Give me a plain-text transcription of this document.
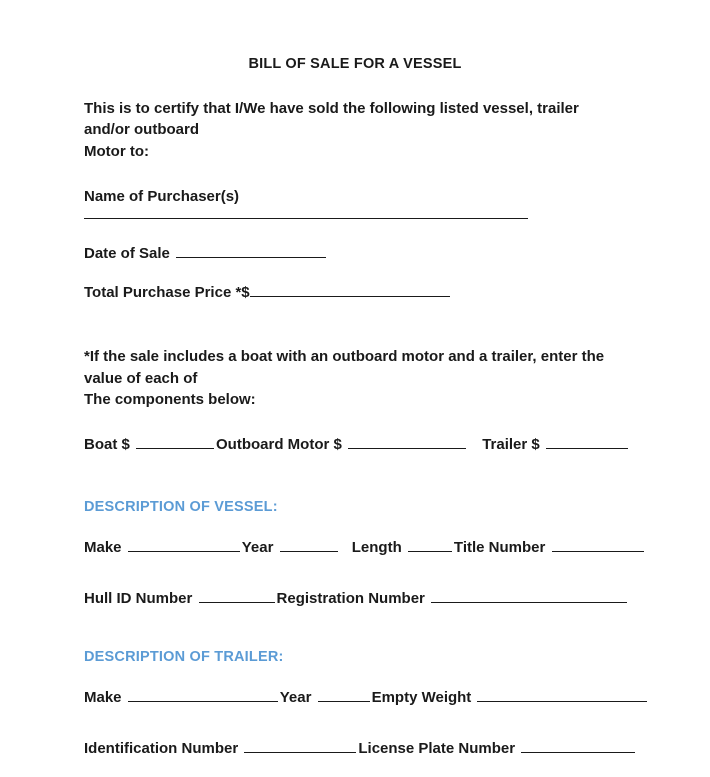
BILL OF SALE FOR A VESSEL
This is to certify that I/We have sold the following listed vessel, trailer and/or outboard
Motor to:
Name of Purchaser(s)
Date of Sale
Total Purchase Price *$
*If the sale includes a boat with an outboard motor and a trailer, enter the value of each of
The components below:
Boat $	Outboard Motor $	Trailer $
DESCRIPTION OF VESSEL:
Make	Year	Length	Title Number
Hull ID Number	Registration Number
DESCRIPTION OF TRAILER:
Make	Year	Empty Weight
Identification Number	License Plate Number
